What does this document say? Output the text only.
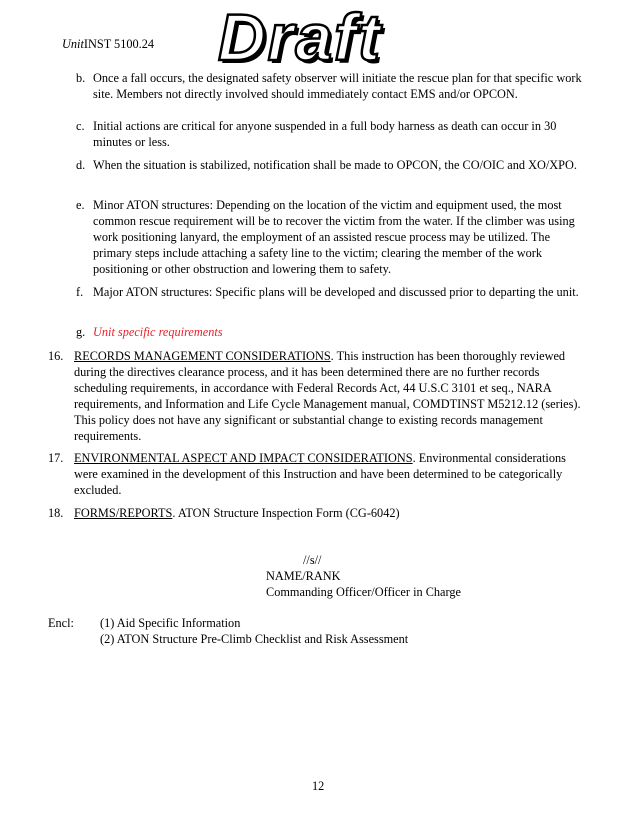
UnitINST 5100.24 Draft
b. Once a fall occurs, the designated safety observer will initiate the rescue plan for that specific work site. Members not directly involved should immediately contact EMS and/or OPCON.
c. Initial actions are critical for anyone suspended in a full body harness as death can occur in 30 minutes or less.
d. When the situation is stabilized, notification shall be made to OPCON, the CO/OIC and XO/XPO.
e. Minor ATON structures: Depending on the location of the victim and equipment used, the most common rescue requirement will be to recover the victim from the water. If the climber was using work positioning lanyard, the employment of an assisted rescue process may be utilized. The primary steps include attaching a safety line to the victim; clearing the member of the work positioning or other obstruction and lowering them to safety.
f. Major ATON structures: Specific plans will be developed and discussed prior to departing the unit.
g. Unit specific requirements
16. RECORDS MANAGEMENT CONSIDERATIONS. This instruction has been thoroughly reviewed during the directives clearance process, and it has been determined there are no further records scheduling requirements, in accordance with Federal Records Act, 44 U.S.C 3101 et seq., NARA requirements, and Information and Life Cycle Management manual, COMDTINST M5212.12 (series). This policy does not have any significant or substantial change to existing records management requirements.
17. ENVIRONMENTAL ASPECT AND IMPACT CONSIDERATIONS. Environmental considerations were examined in the development of this Instruction and have been determined to be categorically excluded.
18. FORMS/REPORTS. ATON Structure Inspection Form (CG-6042)
//s//
NAME/RANK
Commanding Officer/Officer in Charge
Encl: (1) Aid Specific Information
(2) ATON Structure Pre-Climb Checklist and Risk Assessment
12
